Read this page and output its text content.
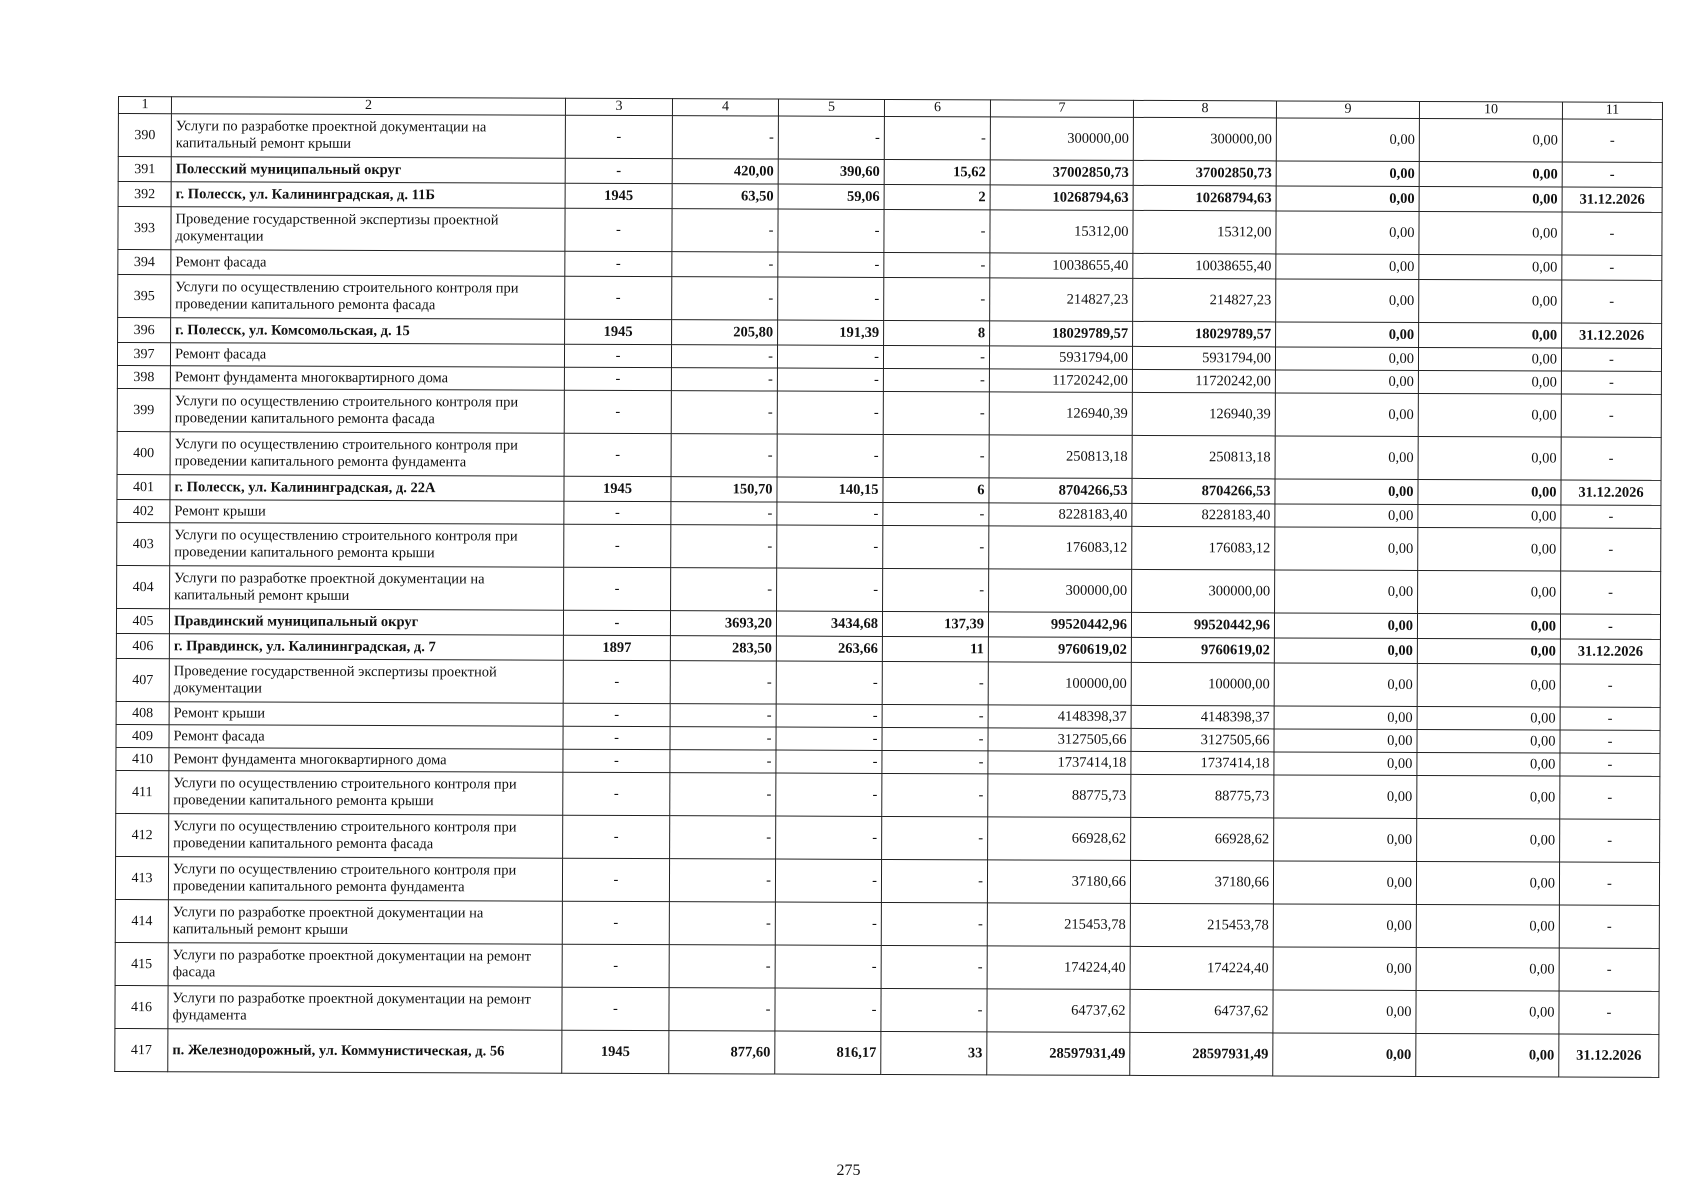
1	2	3	4	5	6	7	8	9	10	11
390	Услуги по разработке проектной документации на капитальный ремонт крыши	-	-	-	-	300000,00	300000,00	0,00	0,00	-
391	Полесский муниципальный округ	-	420,00	390,60	15,62	37002850,73	37002850,73	0,00	0,00	-
392	г. Полесск, ул. Калининградская, д. 11Б	1945	63,50	59,06	2	10268794,63	10268794,63	0,00	0,00	31.12.2026
393	Проведение государственной экспертизы проектной документации	-	-	-	-	15312,00	15312,00	0,00	0,00	-
394	Ремонт фасада	-	-	-	-	10038655,40	10038655,40	0,00	0,00	-
395	Услуги по осуществлению строительного контроля при проведении капитального ремонта фасада	-	-	-	-	214827,23	214827,23	0,00	0,00	-
396	г. Полесск, ул. Комсомольская, д. 15	1945	205,80	191,39	8	18029789,57	18029789,57	0,00	0,00	31.12.2026
397	Ремонт фасада	-	-	-	-	5931794,00	5931794,00	0,00	0,00	-
398	Ремонт фундамента многоквартирного дома	-	-	-	-	11720242,00	11720242,00	0,00	0,00	-
399	Услуги по осуществлению строительного контроля при проведении капитального ремонта фасада	-	-	-	-	126940,39	126940,39	0,00	0,00	-
400	Услуги по осуществлению строительного контроля при проведении капитального ремонта фундамента	-	-	-	-	250813,18	250813,18	0,00	0,00	-
401	г. Полесск, ул. Калининградская, д. 22А	1945	150,70	140,15	6	8704266,53	8704266,53	0,00	0,00	31.12.2026
402	Ремонт крыши	-	-	-	-	8228183,40	8228183,40	0,00	0,00	-
403	Услуги по осуществлению строительного контроля при проведении капитального ремонта крыши	-	-	-	-	176083,12	176083,12	0,00	0,00	-
404	Услуги по разработке проектной документации на капитальный ремонт крыши	-	-	-	-	300000,00	300000,00	0,00	0,00	-
405	Правдинский муниципальный округ	-	3693,20	3434,68	137,39	99520442,96	99520442,96	0,00	0,00	-
406	г. Правдинск, ул. Калининградская, д. 7	1897	283,50	263,66	11	9760619,02	9760619,02	0,00	0,00	31.12.2026
407	Проведение государственной экспертизы проектной документации	-	-	-	-	100000,00	100000,00	0,00	0,00	-
408	Ремонт крыши	-	-	-	-	4148398,37	4148398,37	0,00	0,00	-
409	Ремонт фасада	-	-	-	-	3127505,66	3127505,66	0,00	0,00	-
410	Ремонт фундамента многоквартирного дома	-	-	-	-	1737414,18	1737414,18	0,00	0,00	-
411	Услуги по осуществлению строительного контроля при проведении капитального ремонта крыши	-	-	-	-	88775,73	88775,73	0,00	0,00	-
412	Услуги по осуществлению строительного контроля при проведении капитального ремонта фасада	-	-	-	-	66928,62	66928,62	0,00	0,00	-
413	Услуги по осуществлению строительного контроля при проведении капитального ремонта фундамента	-	-	-	-	37180,66	37180,66	0,00	0,00	-
414	Услуги по разработке проектной документации на капитальный ремонт крыши	-	-	-	-	215453,78	215453,78	0,00	0,00	-
415	Услуги по разработке проектной документации на ремонт фасада	-	-	-	-	174224,40	174224,40	0,00	0,00	-
416	Услуги по разработке проектной документации на ремонт фундамента	-	-	-	-	64737,62	64737,62	0,00	0,00	-
417	п. Железнодорожный, ул. Коммунистическая, д. 56	1945	877,60	816,17	33	28597931,49	28597931,49	0,00	0,00	31.12.2026
275
